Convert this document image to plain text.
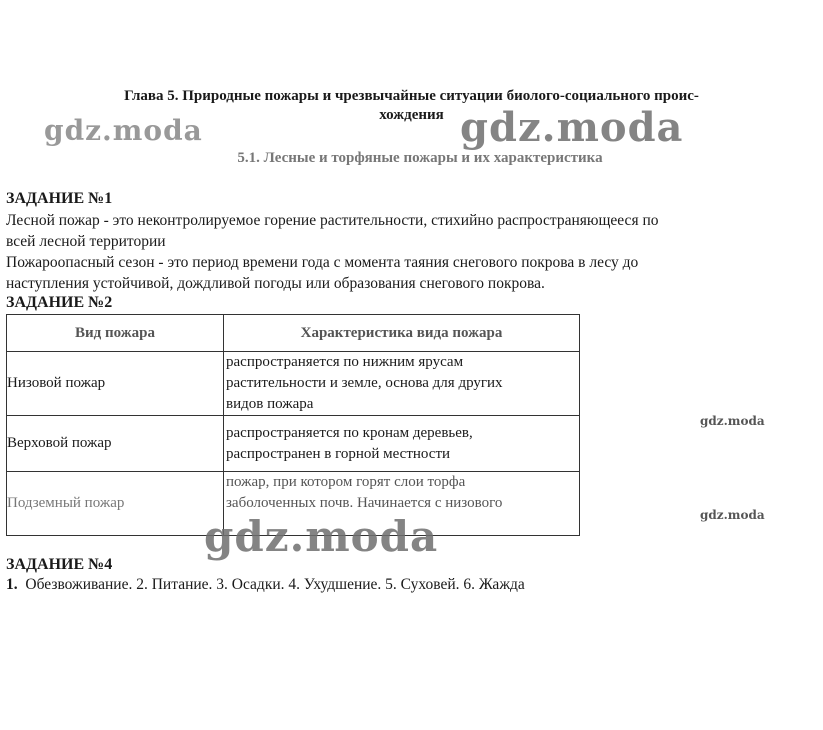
Глава 5. Природные пожары и чрезвычайные ситуации биолого-социального проис-
хождения
5.1. Лесные и торфяные пожары и их характеристика
ЗАДАНИЕ №1
Лесной пожар - это неконтролируемое горение растительности, стихийно распространяющееся по
всей лесной территории
Пожароопасный сезон - это период времени года с момента таяния снегового покрова в лесу до
наступления устойчивой, дождливой погоды или образования снегового покрова.
ЗАДАНИЕ №2
Вид пожара	Характеристика вида пожара
Низовой пожар	распространяется по нижним ярусам
растительности и земле, основа для других
видов пожара

Верховой пожар	распространяется по кронам деревьев,
распространен в горной местности

Подземный пожар	пожар, при котором горят слои торфа
заболоченных почв. Начинается с низового
ЗАДАНИЕ №4
1. Обезвоживание. 2. Питание. 3. Осадки. 4. Ухудшение. 5. Суховей. 6. Жажда
gdz.moda	gdz.moda
gdz.moda
gdz.moda
gdz.moda
